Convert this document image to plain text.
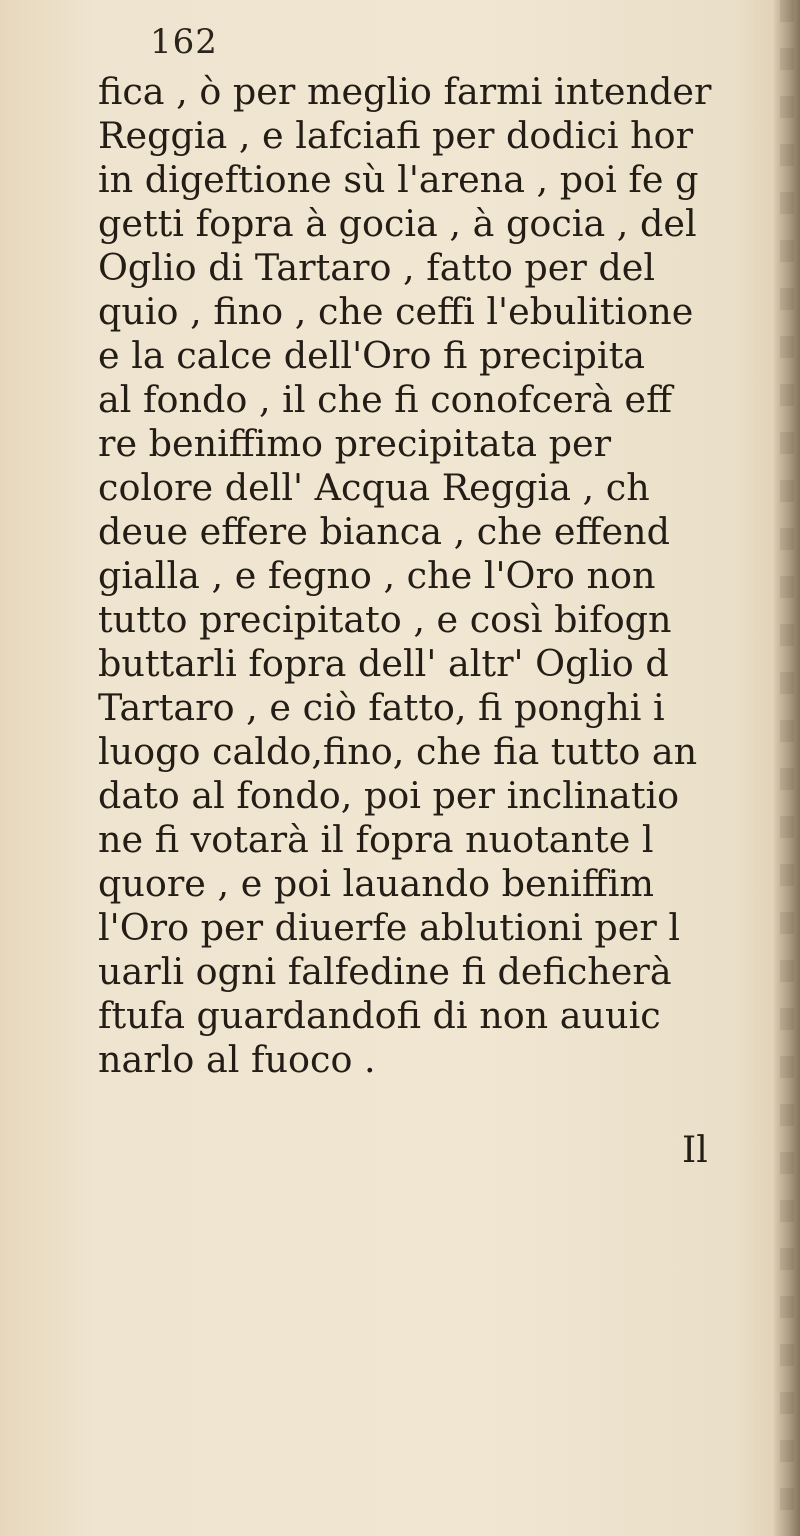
162
fica , ò per meglio farmi intender
Reggia , e lafciafi per dodici hor
in digeftione sù l'arena , poi fe g
getti fopra à gocia , à gocia , del
Oglio di Tartaro , fatto per del
quio , fino , che ceffi l'ebulitione
e la calce dell'Oro fi precipita
al fondo , il che fi conofcerà eff
re beniffimo precipitata per
colore dell' Acqua Reggia , ch
deue effere bianca , che effend
gialla , e fegno , che l'Oro non
tutto precipitato , e così bifogn
buttarli fopra dell' altr' Oglio d
Tartaro , e ciò fatto, fi ponghi i
luogo caldo,fino, che fia tutto an
dato al fondo, poi per inclinatio
ne fi votarà il fopra nuotante l
quore , e poi lauando beniffim
l'Oro per diuerfe ablutioni per l
uarli ogni falfedine fi deficherà
ftufa guardandofi di non auuic
narlo al fuoco .
Il
